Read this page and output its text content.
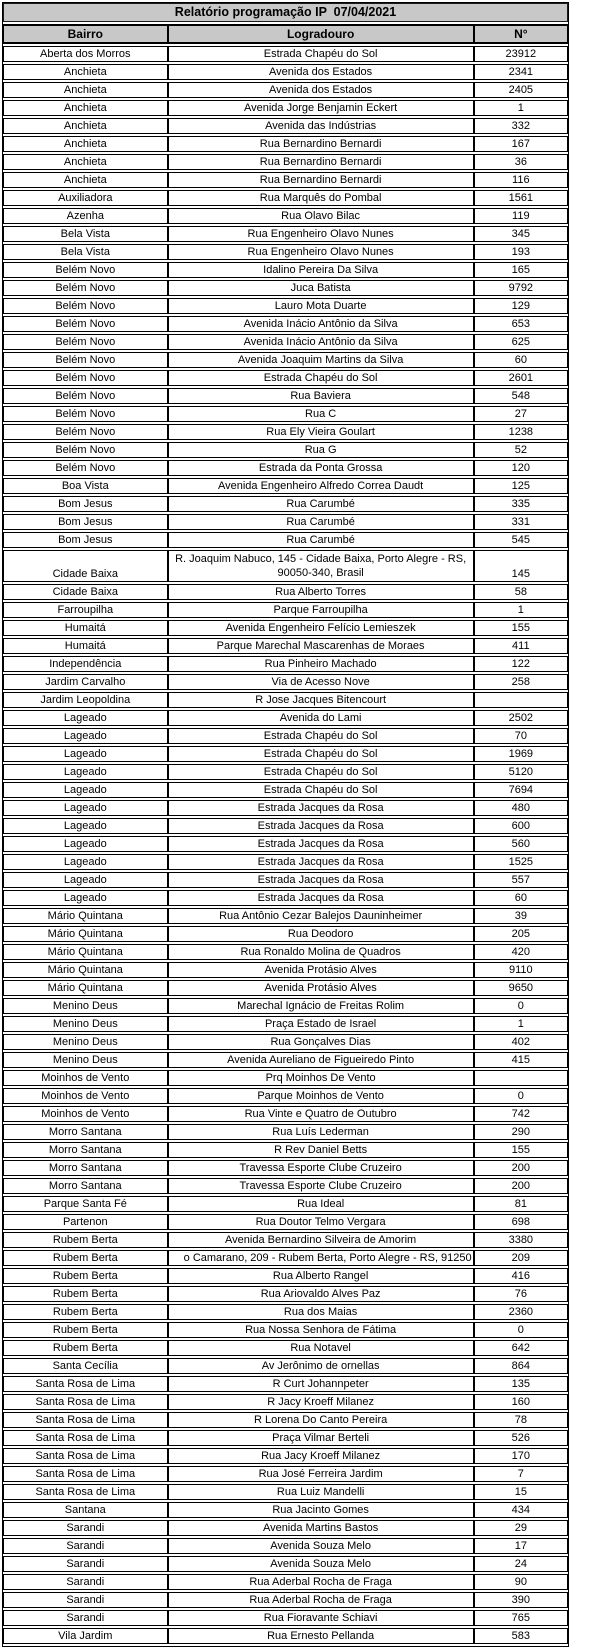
Relatório programação IP  07/04/2021
Bairro	Logradouro	N°
Aberta dos Morros	Estrada Chapéu do Sol	23912
Anchieta	Avenida dos Estados	2341
Anchieta	Avenida dos Estados	2405
Anchieta	Avenida Jorge Benjamin Eckert	1
Anchieta	Avenida das Indústrias	332
Anchieta	Rua Bernardino Bernardi	167
Anchieta	Rua Bernardino Bernardi	36
Anchieta	Rua Bernardino Bernardi	116
Auxiliadora	Rua Marquês do Pombal	1561
Azenha	Rua Olavo Bilac	119
Bela Vista	Rua Engenheiro Olavo Nunes	345
Bela Vista	Rua Engenheiro Olavo Nunes	193
Belém Novo	Idalino Pereira Da Silva	165
Belém Novo	Juca Batista	9792
Belém Novo	Lauro Mota Duarte	129
Belém Novo	Avenida Inácio Antônio da Silva	653
Belém Novo	Avenida Inácio Antônio da Silva	625
Belém Novo	Avenida Joaquim Martins da Silva	60
Belém Novo	Estrada Chapéu do Sol	2601
Belém Novo	Rua Baviera	548
Belém Novo	Rua C	27
Belém Novo	Rua Ely Vieira Goulart	1238
Belém Novo	Rua G	52
Belém Novo	Estrada da Ponta Grossa	120
Boa Vista	Avenida Engenheiro Alfredo Correa Daudt	125
Bom Jesus	Rua Carumbé	335
Bom Jesus	Rua Carumbé	331
Bom Jesus	Rua Carumbé	545
Cidade Baixa	R. Joaquim Nabuco, 145 - Cidade Baixa, Porto Alegre - RS, 90050-340, Brasil	145
Cidade Baixa	Rua Alberto Torres	58
Farroupilha	Parque Farroupilha	1
Humaitá	Avenida Engenheiro Felício Lemieszek	155
Humaitá	Parque Marechal Mascarenhas de Moraes	411
Independência	Rua Pinheiro Machado	122
Jardim Carvalho	Via de Acesso Nove	258
Jardim Leopoldina	R Jose Jacques Bitencourt	
Lageado	Avenida do Lami	2502
Lageado	Estrada Chapéu do Sol	70
Lageado	Estrada Chapéu do Sol	1969
Lageado	Estrada Chapéu do Sol	5120
Lageado	Estrada Chapéu do Sol	7694
Lageado	Estrada Jacques da Rosa	480
Lageado	Estrada Jacques da Rosa	600
Lageado	Estrada Jacques da Rosa	560
Lageado	Estrada Jacques da Rosa	1525
Lageado	Estrada Jacques da Rosa	557
Lageado	Estrada Jacques da Rosa	60
Mário Quintana	Rua Antônio Cezar Balejos Dauninheimer	39
Mário Quintana	Rua Deodoro	205
Mário Quintana	Rua Ronaldo Molina de Quadros	420
Mário Quintana	Avenida Protásio Alves	9110
Mário Quintana	Avenida Protásio Alves	9650
Menino Deus	Marechal Ignácio de Freitas Rolim	0
Menino Deus	Praça Estado de Israel	1
Menino Deus	Rua Gonçalves Dias	402
Menino Deus	Avenida Aureliano de Figueiredo Pinto	415
Moinhos de Vento	Prq Moinhos De Vento	
Moinhos de Vento	Parque Moinhos de Vento	0
Moinhos de Vento	Rua Vinte e Quatro de Outubro	742
Morro Santana	Rua Luís Lederman	290
Morro Santana	R Rev Daniel Betts	155
Morro Santana	Travessa Esporte Clube Cruzeiro	200
Morro Santana	Travessa Esporte Clube Cruzeiro	200
Parque Santa Fé	Rua Ideal	81
Partenon	Rua Doutor Telmo Vergara	698
Rubem Berta	Avenida Bernardino Silveira de Amorim	3380
Rubem Berta	o Camarano, 209 - Rubem Berta, Porto Alegre - RS, 91250	209
Rubem Berta	Rua Alberto Rangel	416
Rubem Berta	Rua Ariovaldo Alves Paz	76
Rubem Berta	Rua dos Maias	2360
Rubem Berta	Rua Nossa Senhora de Fátima	0
Rubem Berta	Rua Notavel	642
Santa Cecília	Av Jerônimo de ornellas	864
Santa Rosa de Lima	R Curt Johannpeter	135
Santa Rosa de Lima	R Jacy Kroeff Milanez	160
Santa Rosa de Lima	R Lorena Do Canto Pereira	78
Santa Rosa de Lima	Praça Vilmar Berteli	526
Santa Rosa de Lima	Rua Jacy Kroeff Milanez	170
Santa Rosa de Lima	Rua José Ferreira Jardim	7
Santa Rosa de Lima	Rua Luiz Mandelli	15
Santana	Rua Jacinto Gomes	434
Sarandi	Avenida Martins Bastos	29
Sarandi	Avenida Souza Melo	17
Sarandi	Avenida Souza Melo	24
Sarandi	Rua Aderbal Rocha de Fraga	90
Sarandi	Rua Aderbal Rocha de Fraga	390
Sarandi	Rua Fioravante Schiavi	765
Vila Jardim	Rua Ernesto Pellanda	583
